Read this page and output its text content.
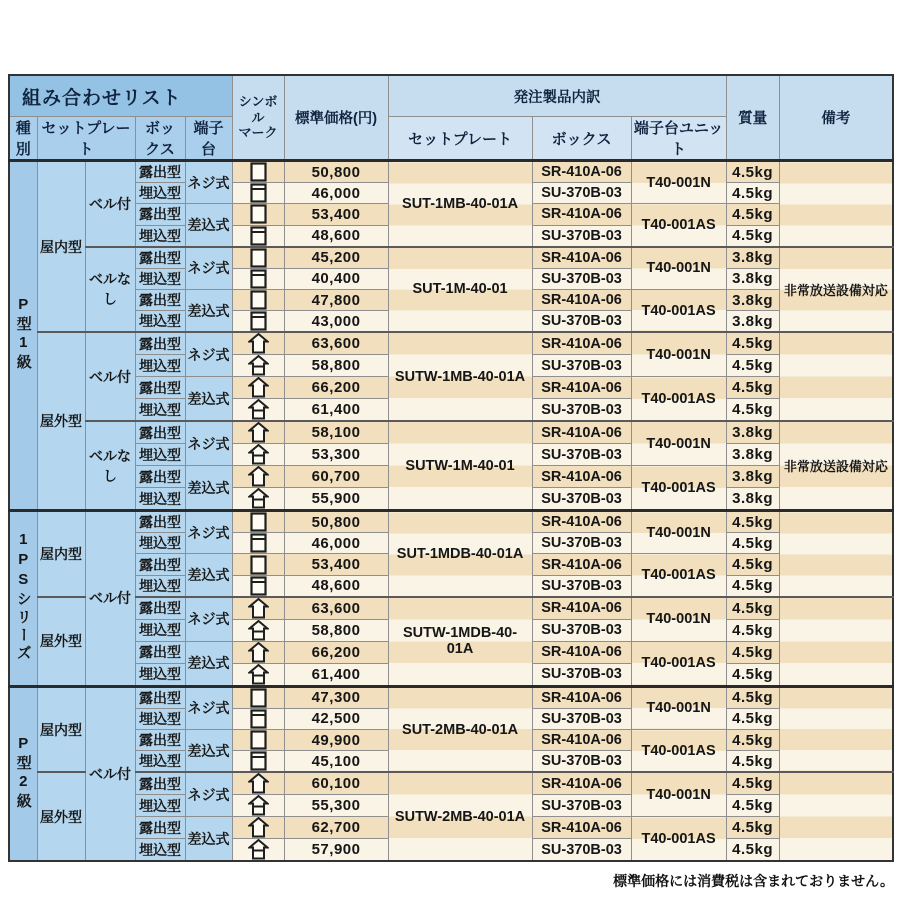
組み合わせリスト					シンボル
マーク	標準価格(円)	発注製品内訳			質量	備考
種別	セットプレート		ボックス	端子台			セットプレート	ボックス	端子台ユニット		
P型1級	屋内型	ベル付	露出型	ネジ式		50,800	SUT-1MB-40-01A	SR-410A-06	T40-001N	4.5kg	
			埋込型			46,000		SU-370B-03		4.5kg	
			露出型	差込式		53,400		SR-410A-06	T40-001AS	4.5kg	
			埋込型			48,600		SU-370B-03		4.5kg	
		ベルなし	露出型	ネジ式		45,200	SUT-1M-40-01	SR-410A-06	T40-001N	3.8kg	非常放送設備対応
			埋込型			40,400		SU-370B-03		3.8kg	
			露出型	差込式		47,800		SR-410A-06	T40-001AS	3.8kg	
			埋込型			43,000		SU-370B-03		3.8kg	
	屋外型	ベル付	露出型	ネジ式		63,600	SUTW-1MB-40-01A	SR-410A-06	T40-001N	4.5kg	
			埋込型			58,800		SU-370B-03		4.5kg	
			露出型	差込式		66,200		SR-410A-06	T40-001AS	4.5kg	
			埋込型			61,400		SU-370B-03		4.5kg	
		ベルなし	露出型	ネジ式		58,100	SUTW-1M-40-01	SR-410A-06	T40-001N	3.8kg	非常放送設備対応
			埋込型			53,300		SU-370B-03		3.8kg	
			露出型	差込式		60,700		SR-410A-06	T40-001AS	3.8kg	
			埋込型			55,900		SU-370B-03		3.8kg	
1PSシリーズ	屋内型	ベル付	露出型	ネジ式		50,800	SUT-1MDB-40-01A	SR-410A-06	T40-001N	4.5kg	
			埋込型			46,000		SU-370B-03		4.5kg	
			露出型	差込式		53,400		SR-410A-06	T40-001AS	4.5kg	
			埋込型			48,600		SU-370B-03		4.5kg	
	屋外型		露出型	ネジ式		63,600	SUTW-1MDB-40-01A	SR-410A-06	T40-001N	4.5kg	
			埋込型			58,800		SU-370B-03		4.5kg	
			露出型	差込式		66,200		SR-410A-06	T40-001AS	4.5kg	
			埋込型			61,400		SU-370B-03		4.5kg	
P型2級	屋内型	ベル付	露出型	ネジ式		47,300	SUT-2MB-40-01A	SR-410A-06	T40-001N	4.5kg	
			埋込型			42,500		SU-370B-03		4.5kg	
			露出型	差込式		49,900		SR-410A-06	T40-001AS	4.5kg	
			埋込型			45,100		SU-370B-03		4.5kg	
	屋外型		露出型	ネジ式		60,100	SUTW-2MB-40-01A	SR-410A-06	T40-001N	4.5kg	
			埋込型			55,300		SU-370B-03		4.5kg	
			露出型	差込式		62,700		SR-410A-06	T40-001AS	4.5kg	
			埋込型			57,900		SU-370B-03		4.5kg	
標準価格には消費税は含まれておりません。
